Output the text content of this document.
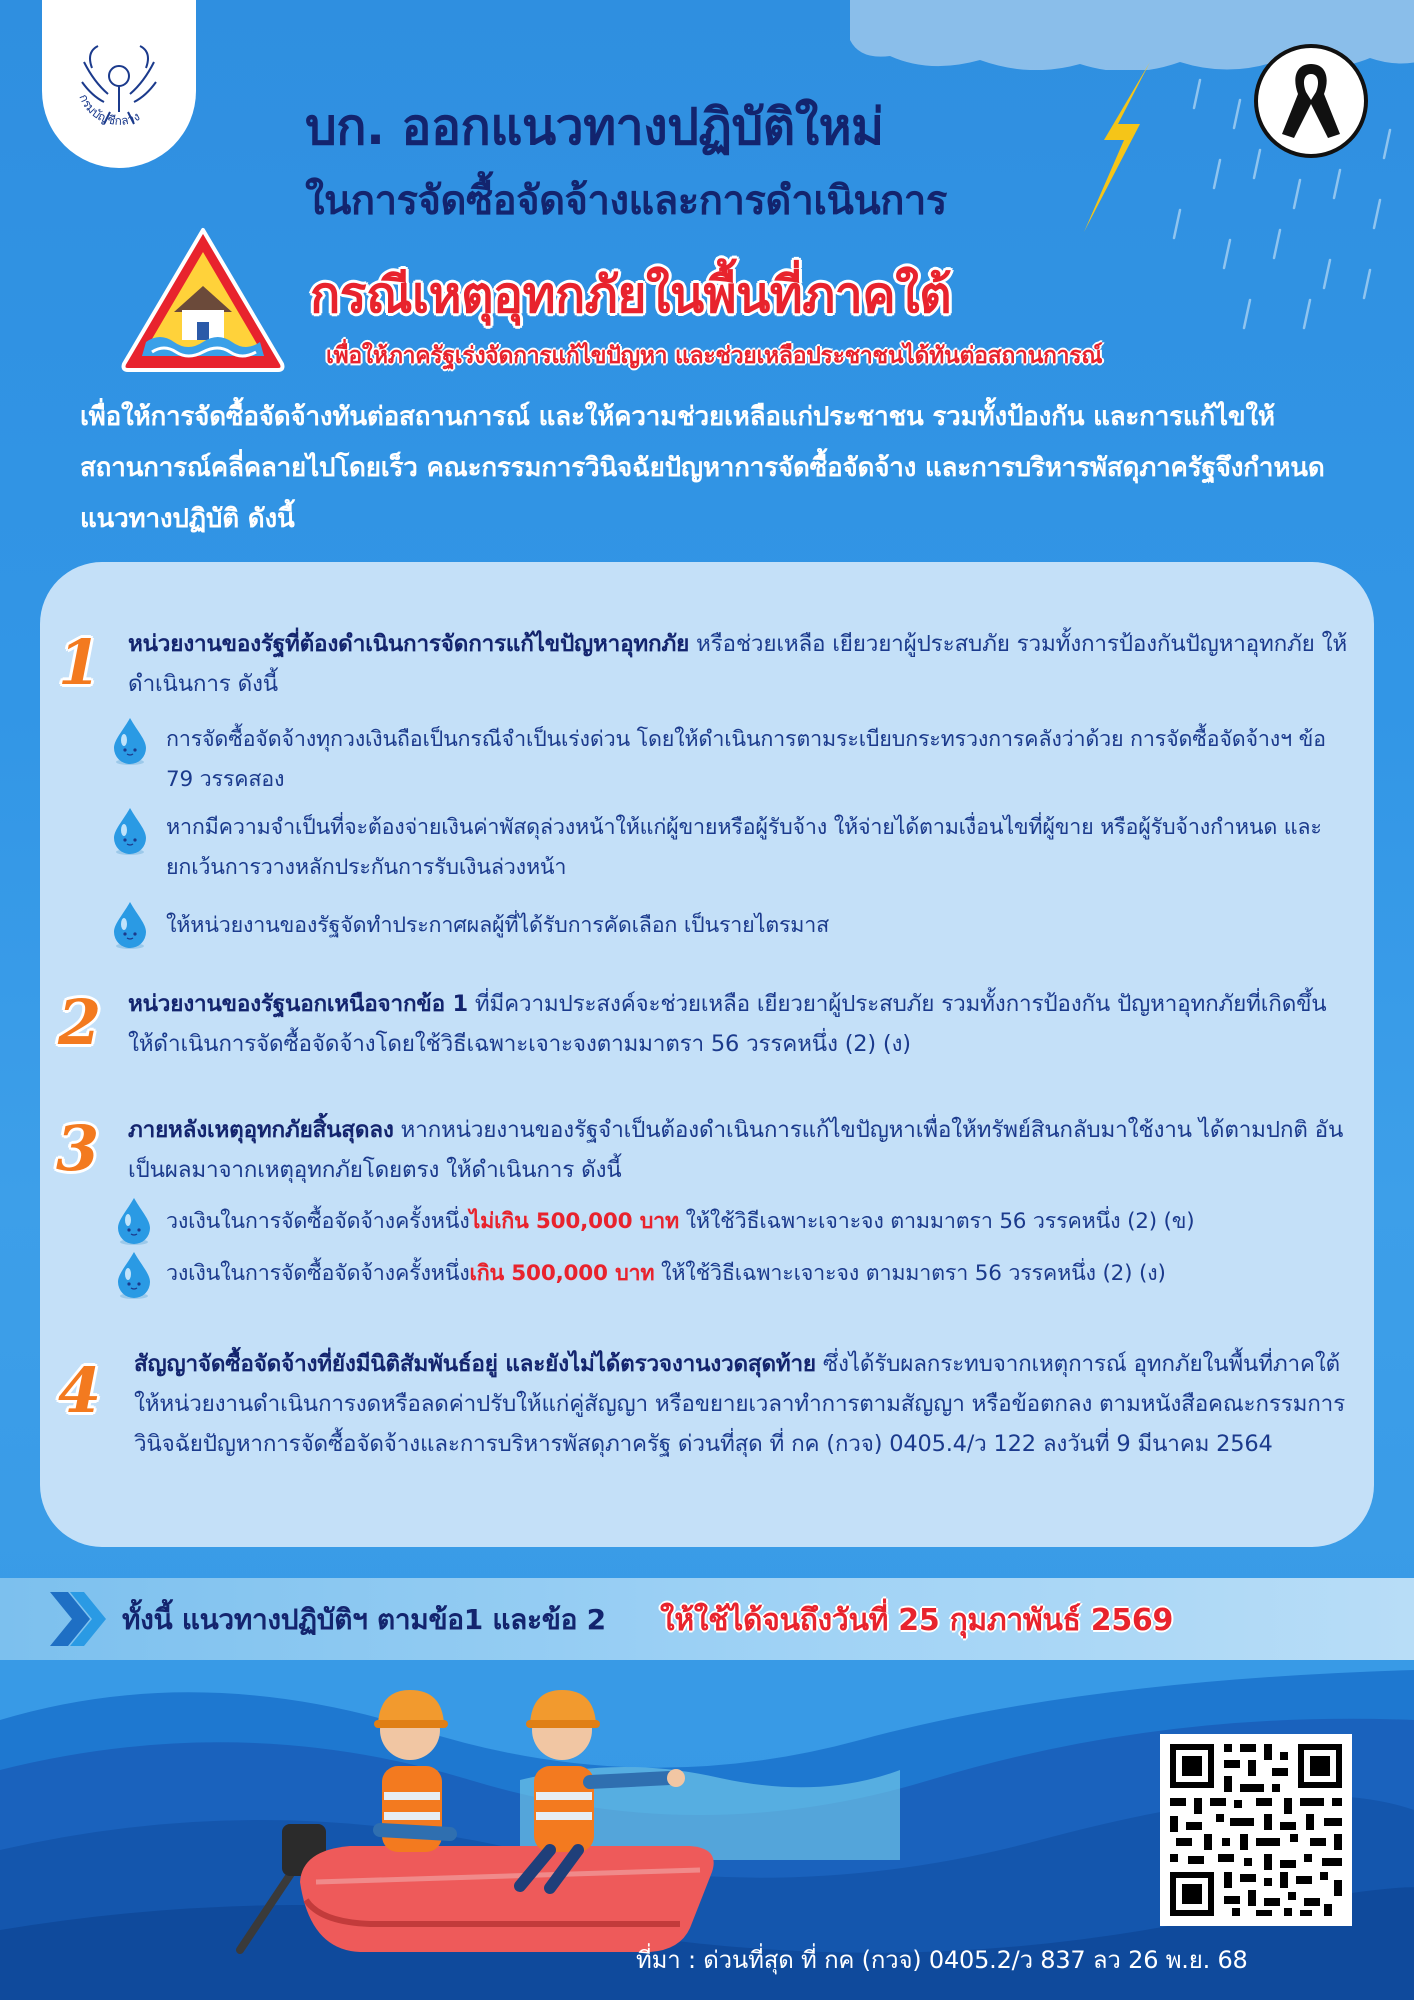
กรมบัญชีกลาง	บก. ออกแนวทางปฏิบัติใหม่
ในการจัดซื้อจัดจ้างและการดำเนินการ
กรณีเหตุอุทกภัยในพื้นที่ภาคใต้
เพื่อให้ภาครัฐเร่งจัดการแก้ไขปัญหา และช่วยเหลือประชาชนได้ทันต่อสถานการณ์

เพื่อให้การจัดซื้อจัดจ้างทันต่อสถานการณ์ และให้ความช่วยเหลือแก่ประชาชน รวมทั้งป้องกัน และการแก้ไขให้สถานการณ์คลี่คลายไปโดยเร็ว คณะกรรมการวินิจฉัยปัญหาการจัดซื้อจัดจ้าง และการบริหารพัสดุภาครัฐจึงกำหนดแนวทางปฏิบัติ ดังนี้

1 หน่วยงานของรัฐที่ต้องดำเนินการจัดการแก้ไขปัญหาอุทกภัย หรือช่วยเหลือ เยียวยาผู้ประสบภัย รวมทั้งการป้องกันปัญหาอุทกภัย ให้ดำเนินการ ดังนี้

การจัดซื้อจัดจ้างทุกวงเงินถือเป็นกรณีจำเป็นเร่งด่วน โดยให้ดำเนินการตามระเบียบกระทรวงการคลังว่าด้วย การจัดซื้อจัดจ้างฯ ข้อ 79 วรรคสอง

หากมีความจำเป็นที่จะต้องจ่ายเงินค่าพัสดุล่วงหน้าให้แก่ผู้ขายหรือผู้รับจ้าง ให้จ่ายได้ตามเงื่อนไขที่ผู้ขาย หรือผู้รับจ้างกำหนด และยกเว้นการวางหลักประกันการรับเงินล่วงหน้า

ให้หน่วยงานของรัฐจัดทำประกาศผลผู้ที่ได้รับการคัดเลือก เป็นรายไตรมาส

2 หน่วยงานของรัฐนอกเหนือจากข้อ 1 ที่มีความประสงค์จะช่วยเหลือ เยียวยาผู้ประสบภัย รวมทั้งการป้องกัน ปัญหาอุทกภัยที่เกิดขึ้น ให้ดำเนินการจัดซื้อจัดจ้างโดยใช้วิธีเฉพาะเจาะจงตามมาตรา 56 วรรคหนึ่ง (2) (ง)

3 ภายหลังเหตุอุทกภัยสิ้นสุดลง หากหน่วยงานของรัฐจำเป็นต้องดำเนินการแก้ไขปัญหาเพื่อให้ทรัพย์สินกลับมาใช้งาน ได้ตามปกติ อันเป็นผลมาจากเหตุอุทกภัยโดยตรง ให้ดำเนินการ ดังนี้

วงเงินในการจัดซื้อจัดจ้างครั้งหนึ่งไม่เกิน 500,000 บาท ให้ใช้วิธีเฉพาะเจาะจง ตามมาตรา 56 วรรคหนึ่ง (2) (ข)

วงเงินในการจัดซื้อจัดจ้างครั้งหนึ่งเกิน 500,000 บาท ให้ใช้วิธีเฉพาะเจาะจง ตามมาตรา 56 วรรคหนึ่ง (2) (ง)

4 สัญญาจัดซื้อจัดจ้างที่ยังมีนิติสัมพันธ์อยู่ และยังไม่ได้ตรวจงานงวดสุดท้าย ซึ่งได้รับผลกระทบจากเหตุการณ์ อุทกภัยในพื้นที่ภาคใต้ ให้หน่วยงานดำเนินการงดหรือลดค่าปรับให้แก่คู่สัญญา หรือขยายเวลาทำการตามสัญญา หรือข้อตกลง ตามหนังสือคณะกรรมการวินิจฉัยปัญหาการจัดซื้อจัดจ้างและการบริหารพัสดุภาครัฐ ด่วนที่สุด ที่ กค (กวจ) 0405.4/ว 122 ลงวันที่ 9 มีนาคม 2564

ทั้งนี้ แนวทางปฏิบัติฯ ตามข้อ1 และข้อ 2 ให้ใช้ได้จนถึงวันที่ 25 กุมภาพันธ์ 2569
ที่มา : ด่วนที่สุด ที่ กค (กวจ) 0405.2/ว 837 ลว 26 พ.ย. 68
